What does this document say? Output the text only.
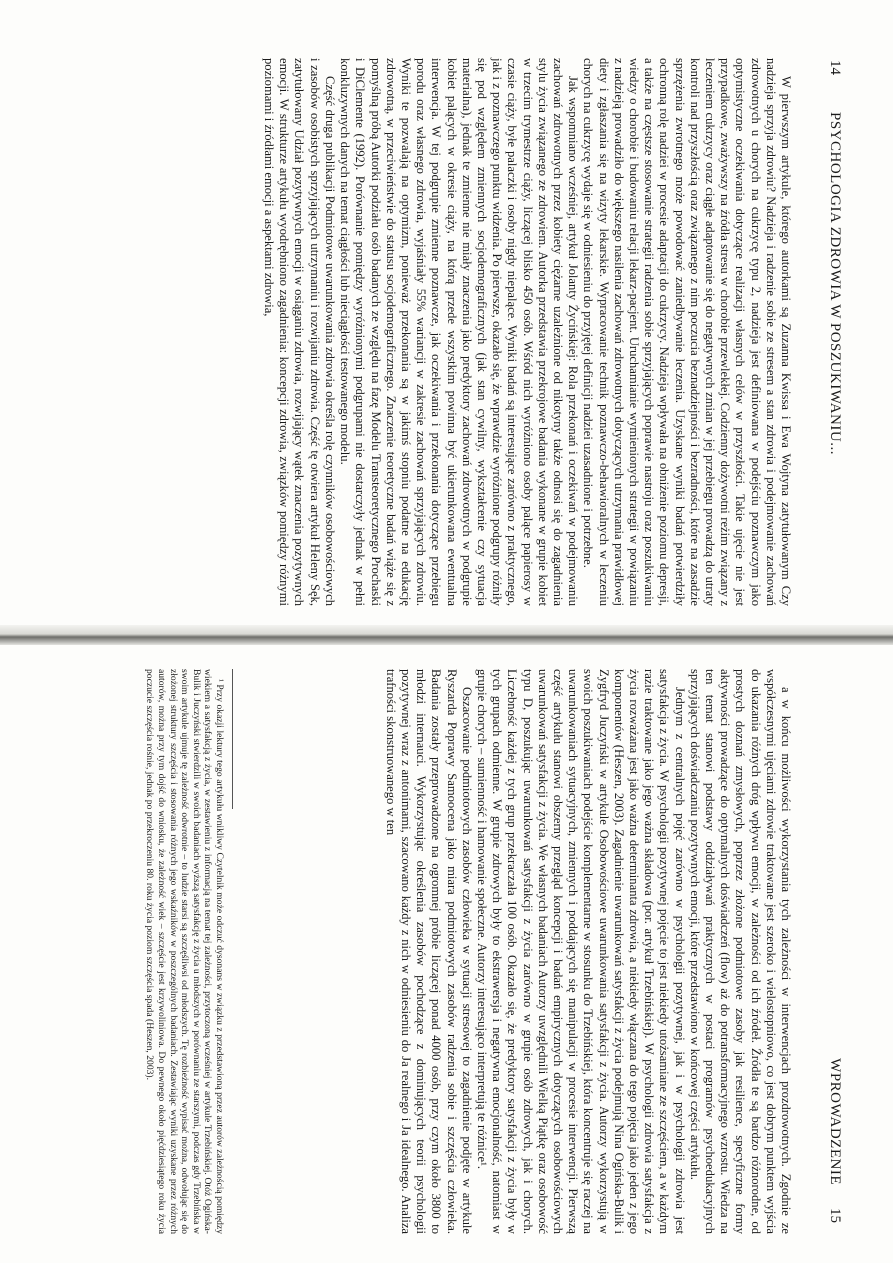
14
PSYCHOLOGIA ZDROWIA W POSZUKIWANIU...

W pierwszym artykule, którego autorkami są Zuzanna Kwissa i Ewa Wojtyna zatytułowanym Czy nadzieja sprzyja zdrowiu? Nadzieja i radzenie sobie ze stresem a stan zdrowia i podejmowanie zachowań zdrowotnych u chorych na cukrzycę typu 2, nadzieja jest definiowana w podejściu poznawczym jako optymistyczne oczekiwania dotyczące realizacji własnych celów w przyszłości. Takie ujęcie nie jest przypadkowe, zważywszy na źródła stresu w chorobie przewlekłej. Codzienny dożywotni reżim związany z leczeniem cukrzycy oraz ciągłe adaptowanie się do negatywnych zmian w jej przebiegu prowadzą do utraty kontroli nad przyszłością oraz związanego z nim poczucia beznadziejności i bezradności, które na zasadzie sprzężenia zwrotnego może powodować zaniedbywanie leczenia. Uzyskane wyniki badań potwierdziły ochronną rolę nadziei w procesie adaptacji do cukrzycy. Nadzieja wpływała na obniżenie poziomu depresji, a także na częstsze stosowanie strategii radzenia sobie sprzyjających poprawie nastroju oraz poszukiwaniu wiedzy o chorobie i budowaniu relacji lekarz-pacjent. Uruchamianie wymienionych strategii w powiązaniu z nadzieją prowadziło do większego nasilenia zachowań zdrowotnych dotyczących utrzymania prawidłowej diety i zgłaszania się na wizyty lekarskie. Wypracowanie technik poznawczo-behawioralnych w leczeniu chorych na cukrzycę wydaje się w odniesieniu do przyjętej definicji nadziei uzasadnione i potrzebne.

Jak wspomniano wcześniej, artykuł Jolanty Życińskiej: Rola przekonań i oczekiwań w podejmowaniu zachowań zdrowotnych przez kobiety ciężarne uzależnione od nikotyny także odnosi się do zagadnienia stylu życia związanego ze zdrowiem. Autorka przedstawia przekrojowe badania wykonane w grupie kobiet w trzecim trymestrze ciąży, liczącej blisko 450 osób. Wśród nich wyróżniono osoby palące papierosy w czasie ciąży, byłe palaczki i osoby nigdy niepalące. Wyniki badań są interesujące zarówno z praktycznego, jak i z poznawczego punktu widzenia. Po pierwsze, okazało się, że wprawdzie wyróżnione podgrupy różniły się pod względem zmiennych socjodemograficznych (jak stan cywilny, wykształcenie czy sytuacja materialna), jednak te zmienne nie miały znaczenia jako predyktory zachowań zdrowotnych w podgrupie kobiet palących w okresie ciąży, na którą przede wszystkim powinna być ukierunkowana ewentualna interwencja. W tej podgrupie zmienne poznawcze, jak oczekiwania i przekonania dotyczące przebiegu porodu oraz własnego zdrowia, wyjaśniały 55% wariancji w zakresie zachowań sprzyjających zdrowiu. Wyniki te pozwalają na optymizm, ponieważ przekonania są w jakimś stopniu podatne na edukację zdrowotną, w przeciwieństwie do statusu socjodemograficznego. Znaczenie teoretyczne badań wiąże się z pomyślną próbą Autorki podziału osób badanych ze względu na fazę Modelu Transteoretycznego Prochaski i DiClemente (1992). Porównanie pomiędzy wyróżnionymi podgrupami nie dostarczyły jednak w pełni konkluzywnych danych na temat ciągłości lub nieciągłości testowanego modelu.

Część druga publikacji Podmiotowe uwarunkowania zdrowia określa rolę czynników osobowościowych i zasobów osobistych sprzyjających utrzymaniu i rozwijaniu zdrowia. Część tę otwiera artykuł Heleny Sęk, zatytułowany Udział pozytywnych emocji w osiąganiu zdrowia, rozwijający wątek znaczenia pozytywnych emocji. W strukturze artykułu wyodrębniono zagadnienia: koncepcji zdrowia, związków pomiędzy różnymi poziomami i źródłami emocji a aspektami zdrowia,

WPROWADZENIE
15

a w końcu możliwości wykorzystania tych zależności w interwencjach prozdrowotnych. Zgodnie ze współczesnymi ujęciami zdrowie traktowane jest szeroko i wielostopniowo, co jest dobrym punktem wyjścia do ukazania różnych dróg wpływu emocji, w zależności od ich źródeł. Źródła te są bardzo różnorodne, od prostych doznań zmysłowych, poprzez złożone podmiotowe zasoby jak resilience, specyficzne formy aktywności prowadzące do optymalnych doświadczeń (flow) aż do potransformacyjnego wzrostu. Wiedza na ten temat stanowi podstawy oddziaływań praktycznych w postaci programów psychoedukacyjnych sprzyjających doświadczaniu pozytywnych emocji, które przedstawiono w końcowej części artykułu.

Jednym z centralnych pojęć zarówno w psychologii pozytywnej, jak i w psychologii zdrowia jest satysfakcja z życia. W psychologii pozytywnej pojęcie to jest niekiedy utożsamiane ze szczęściem, a w każdym razie traktowane jako jego ważna składowa (por. artykuł Trzebińskiej). W psychologii zdrowia satysfakcja z życia rozważana jest jako ważna determinanta zdrowia, a niekiedy włączana do tego pojęcia jako jeden z jego komponentów (Heszen, 2003). Zagadnienie uwarunkowań satysfakcji z życia podejmują Nina Ogińska-Bulik i Zygfryd Juczyński w artykule Osobowościowe uwarunkowania satysfakcji z życia. Autorzy wykorzystują w swoich poszukiwaniach podejście komplementarne w stosunku do Trzebińskiej, która koncentruje się raczej na uwarunkowaniach sytuacyjnych, zmiennych i poddających się manipulacji w procesie interwencji. Pierwszą część artykułu stanowi obszerny przegląd koncepcji i badań empirycznych dotyczących osobowościowych uwarunkowań satysfakcji z życia. We własnych badaniach Autorzy uwzględnili Wielką Piątkę oraz osobowość typu D, poszukując uwarunkowań satysfakcji z życia zarówno w grupie osób zdrowych, jak i chorych. Liczebność każdej z tych grup przekraczała 100 osób. Okazało się, że predyktory satysfakcji z życia były w tych grupach odmienne. W grupie zdrowych były to ekstrawersja i negatywna emocjonalność, natomiast w grupie chorych – sumienność i hamowanie społeczne. Autorzy interesująco interpretują te różnice¹.

Oszacowanie podmiotowych zasobów człowieka w sytuacji stresowej to zagadnienie podjęte w artykule Ryszarda Poprawy Samoocena jako miara podmiotowych zasobów radzenia sobie i szczęścia człowieka. Badania zostały przeprowadzone na ogromnej próbie liczącej ponad 4000 osób, przy czym około 3800 to młodzi internauci. Wykorzystując określenia zasobów pochodzące z dominujących teorii psychologii pozytywnej wraz z antonimami, szacowano każdy z nich w odniesieniu do Ja realnego i Ja idealnego. Analiza trafności skonstruowanego w ten

¹ Przy okazji lektury tego artykułu wnikliwy Czytelnik może odczuć dysonans w związku z przedstawioną przez autorów zależnością pomiędzy wiekiem a satysfakcją z życia, w zestawieniu z informacją na temat tej zależności, przytoczoną wcześniej w artykule Trzebińskiej. Otóż Ogińska-Bulik i Juczyński stwierdzili w swoich badaniach wyższą satysfakcję z życia u młodszych w porównaniu ze starszymi, podczas gdy Trzebińska w swoim artykule ujmuje tę zależność odwrotnie – to ludzie starsi są szczęśliwsi od młodszych. Tę rozbieżność wypisać można, odwołując się do złożonej struktury szczęścia i stosowania różnych jego wskaźników w poszczególnych badaniach. Zestawiając wyniki uzyskane przez różnych autorów, można przy tym dojść do wniosku, że zależność wiek – szczęście jest krzywoliniowa. Do pewnego około pięćdziesiątego roku życia poczucie szczęścia rośnie, jednak po przekroczeniu 80. roku życia poziom szczęścia spada (Heszen, 2003).
